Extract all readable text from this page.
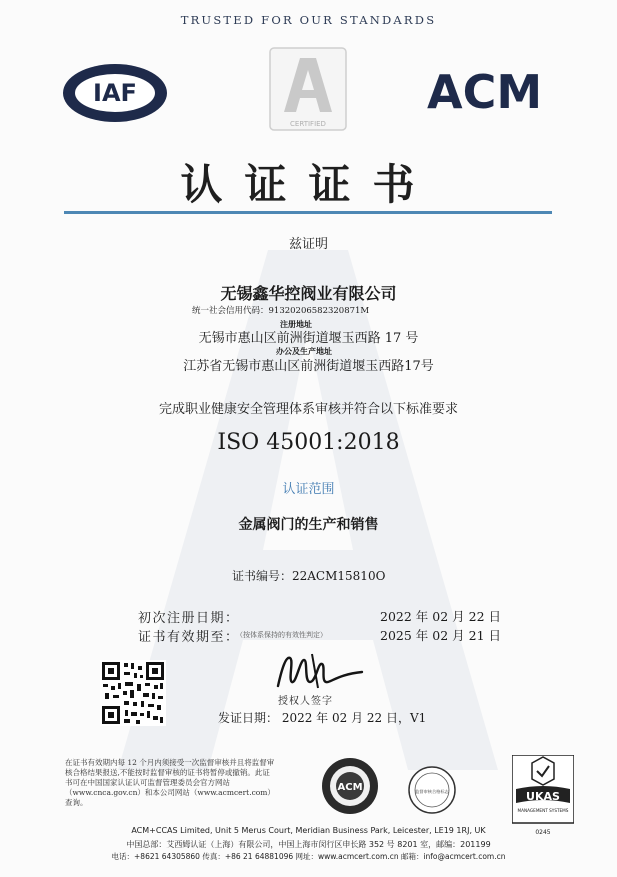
TRUSTED FOR OUR STANDARDS
IAF
CERTIFIED
ACM
认证证书
兹证明
无锡鑫华控阀业有限公司
统一社会信用代码：91320206582320871M
注册地址
无锡市惠山区前洲街道堰玉西路 17 号
办公及生产地址
江苏省无锡市惠山区前洲街道堰玉西路17号
完成职业健康安全管理体系审核并符合以下标准要求
ISO 45001:2018
认证范围
金属阀门的生产和销售
证书编号：22ACM15810O
初次注册日期：	2022 年 02 月 22 日
证书有效期至：
（按体系保持的有效性判定）	2025 年 02 月 21 日
授权人签字
发证日期： 2022 年 02 月 22 日，V1
在证书有效期内每 12 个月内须接受一次监督审核并且将监督审核合格结果报送,不能按时监督审核的证书将暂停或撤销。此证书可在中国国家认证认可监督管理委员会官方网站（www.cnca.gov.cn）和本公司网站（www.acmcert.com）查询。
ACM	监督审核合格标志	UKAS
MANAGEMENT SYSTEMS
0245
ACM+CCAS Limited, Unit 5 Merus Court, Meridian Business Park, Leicester, LE19 1RJ, UK
中国总部：艾西姆认证（上海）有限公司，中国上海市闵行区申长路 352 号 8201 室，邮编：201199
电话：+8621 64305860 传真：+86 21 64881096 网址：www.acmcert.com.cn 邮箱：info@acmcert.com.cn
